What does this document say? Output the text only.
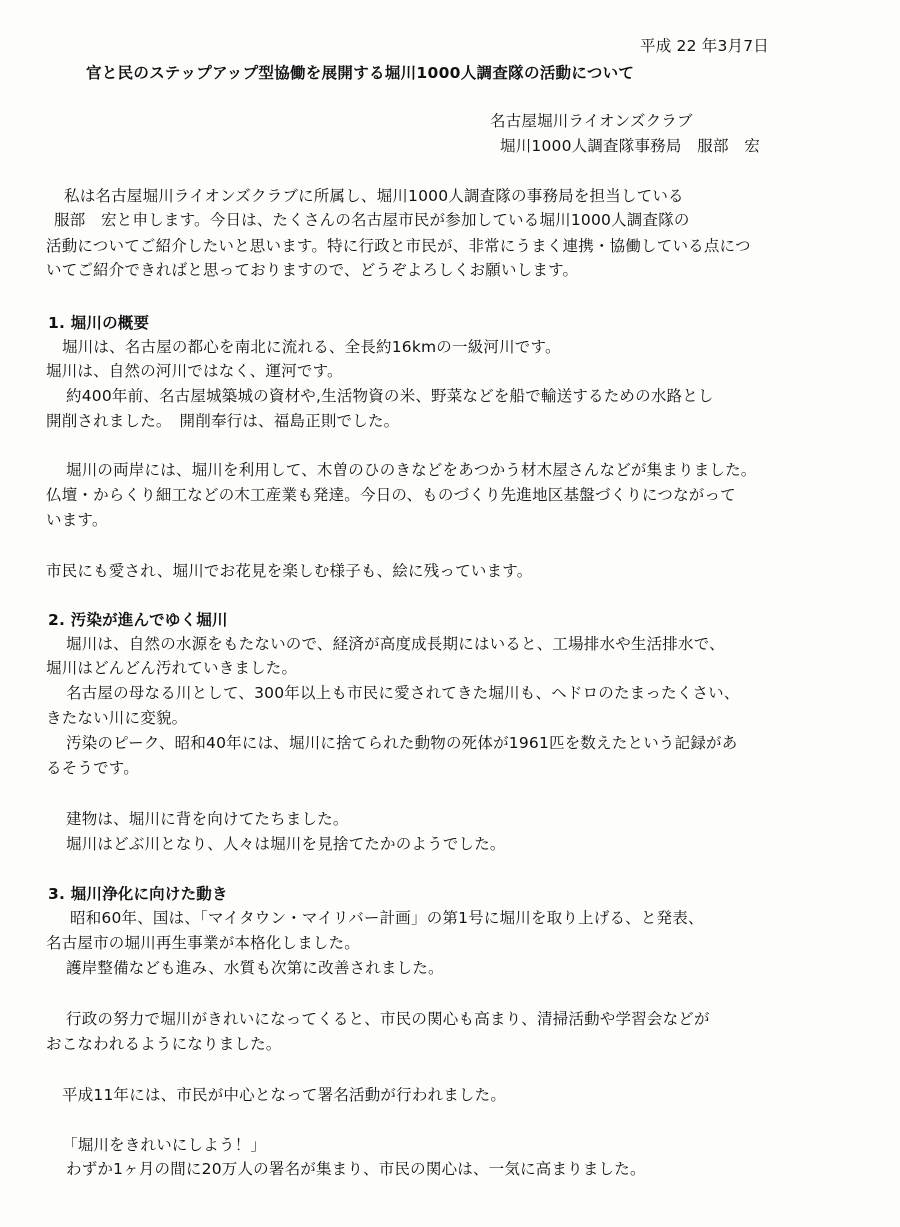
平成 22 年3月7日
官と民のステップアップ型協働を展開する堀川1000人調査隊の活動について
名古屋堀川ライオンズクラブ
堀川1000人調査隊事務局　服部　宏
私は名古屋堀川ライオンズクラブに所属し、堀川1000人調査隊の事務局を担当している
服部　宏と申します。今日は、たくさんの名古屋市民が参加している堀川1000人調査隊の
活動についてご紹介したいと思います。特に行政と市民が、非常にうまく連携・協働している点につ
いてご紹介できればと思っておりますので、どうぞよろしくお願いします。
1. 堀川の概要
堀川は、名古屋の都心を南北に流れる、全長約16kmの一級河川です。
堀川は、自然の河川ではなく、運河です。
約400年前、名古屋城築城の資材や,生活物資の米、野菜などを船で輸送するための水路とし
開削されました。　開削奉行は、福島正則でした。
堀川の両岸には、堀川を利用して、木曽のひのきなどをあつかう材木屋さんなどが集まりました。
仏壇・からくり細工などの木工産業も発達。今日の、ものづくり先進地区基盤づくりにつながって
います。
市民にも愛され、堀川でお花見を楽しむ様子も、絵に残っています。
2. 汚染が進んでゆく堀川
堀川は、自然の水源をもたないので、経済が高度成長期にはいると、工場排水や生活排水で、
堀川はどんどん汚れていきました。
名古屋の母なる川として、300年以上も市民に愛されてきた堀川も、ヘドロのたまったくさい、
きたない川に変貌。
汚染のピーク、昭和40年には、堀川に捨てられた動物の死体が1961匹を数えたという記録があ
るそうです。
建物は、堀川に背を向けてたちました。
堀川はどぶ川となり、人々は堀川を見捨てたかのようでした。
3. 堀川浄化に向けた動き
昭和60年、国は、「マイタウン・マイリバー計画」の第1号に堀川を取り上げる、と発表、
名古屋市の堀川再生事業が本格化しました。
護岸整備なども進み、水質も次第に改善されました。
行政の努力で堀川がきれいになってくると、市民の関心も高まり、清掃活動や学習会などが
おこなわれるようになりました。
平成11年には、市民が中心となって署名活動が行われました。
「堀川をきれいにしよう！」
わずか1ヶ月の間に20万人の署名が集まり、市民の関心は、一気に高まりました。
